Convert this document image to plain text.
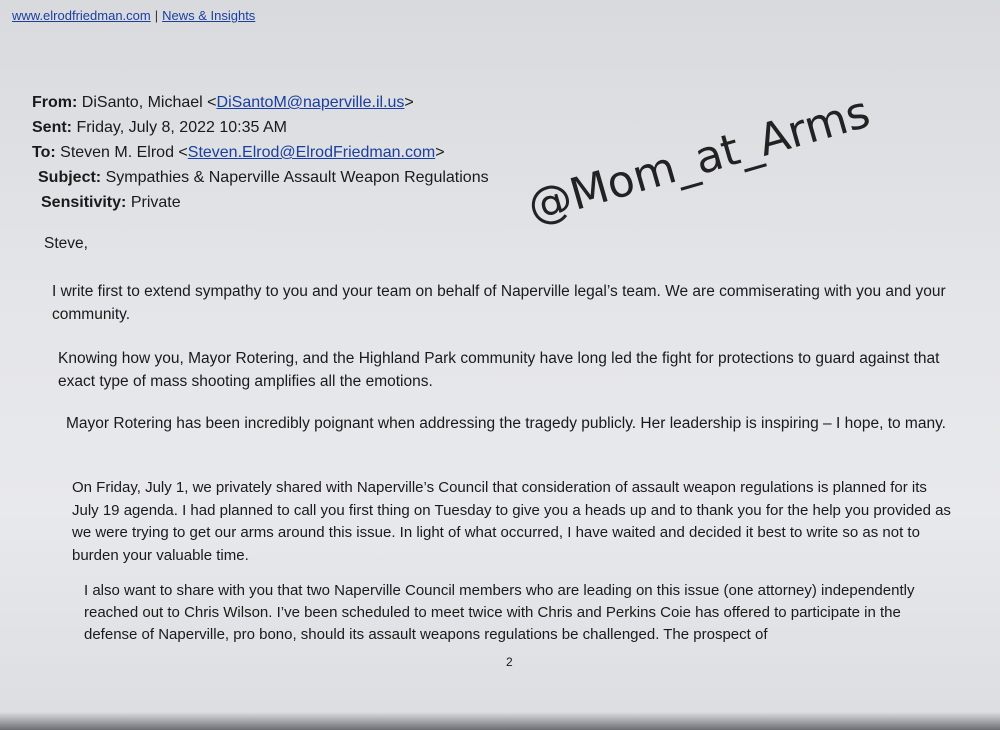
www.elrodfriedman.com | News & Insights
From: DiSanto, Michael <DiSantoM@naperville.il.us>
Sent: Friday, July 8, 2022 10:35 AM
To: Steven M. Elrod <Steven.Elrod@ElrodFriedman.com>
Subject: Sympathies & Naperville Assault Weapon Regulations
Sensitivity: Private	@Mom_at_Arms
Steve,
I write first to extend sympathy to you and your team on behalf of Naperville legal’s team. We are commiserating with you and your community.
Knowing how you, Mayor Rotering, and the Highland Park community have long led the fight for protections to guard against that exact type of mass shooting amplifies all the emotions.
Mayor Rotering has been incredibly poignant when addressing the tragedy publicly. Her leadership is inspiring – I hope, to many.
On Friday, July 1, we privately shared with Naperville’s Council that consideration of assault weapon regulations is planned for its July 19 agenda. I had planned to call you first thing on Tuesday to give you a heads up and to thank you for the help you provided as we were trying to get our arms around this issue. In light of what occurred, I have waited and decided it best to write so as not to burden your valuable time.
I also want to share with you that two Naperville Council members who are leading on this issue (one attorney) independently reached out to Chris Wilson. I’ve been scheduled to meet twice with Chris and Perkins Coie has offered to participate in the defense of Naperville, pro bono, should its assault weapons regulations be challenged. The prospect of
2
